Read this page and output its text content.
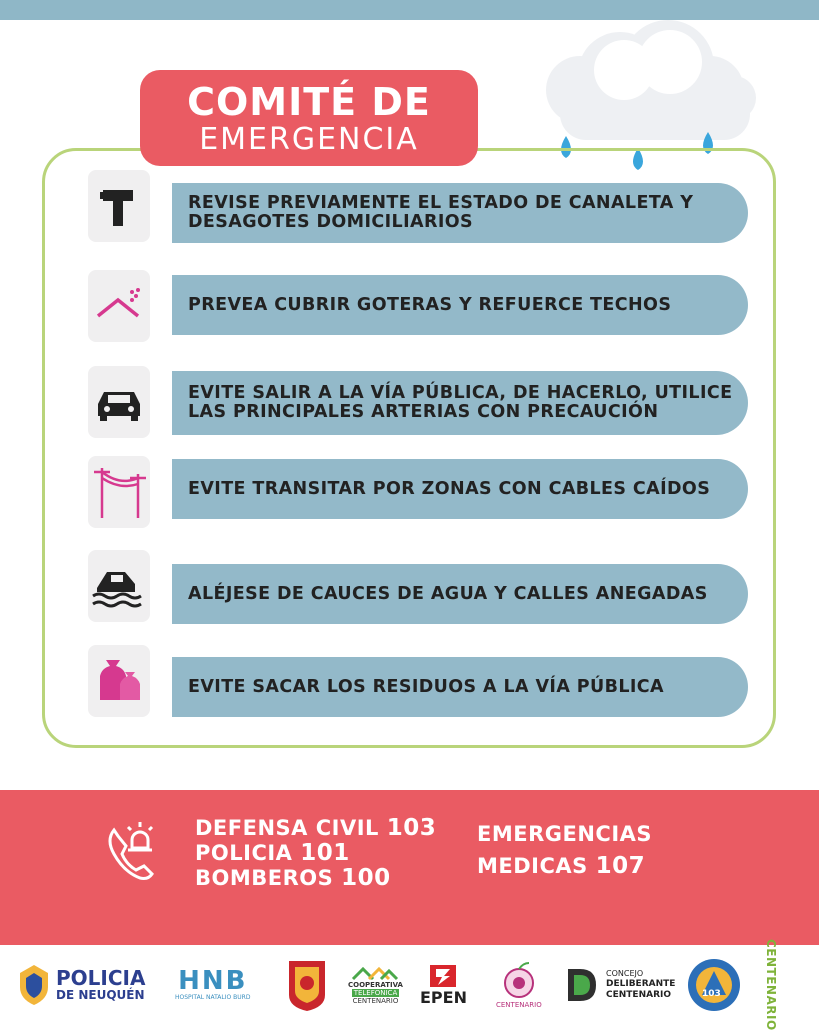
COMITÉ DE
EMERGENCIA
REVISE PREVIAMENTE EL ESTADO DE CANALETA Y DESAGOTES DOMICILIARIOS
PREVEA CUBRIR GOTERAS Y REFUERCE TECHOS
EVITE SALIR A LA VÍA PÚBLICA, DE HACERLO, UTILICE LAS PRINCIPALES ARTERIAS CON PRECAUCIÓN
EVITE TRANSITAR POR ZONAS CON CABLES CAÍDOS
ALÉJESE DE CAUCES DE AGUA Y CALLES ANEGADAS
EVITE SACAR LOS RESIDUOS A LA VÍA PÚBLICA
DEFENSA CIVIL 103
POLICIA 101
BOMBEROS 100
EMERGENCIAS
MEDICAS 107
POLICIA
DE NEUQUÉN HNB
HOSPITAL NATALIO BURD
COOPERATIVA
TELEFONICA
CENTENARIO EPEN	CENTENARIO
CONCEJO
DELIBERANTE
CENTENARIO	103	CENTENARIO
